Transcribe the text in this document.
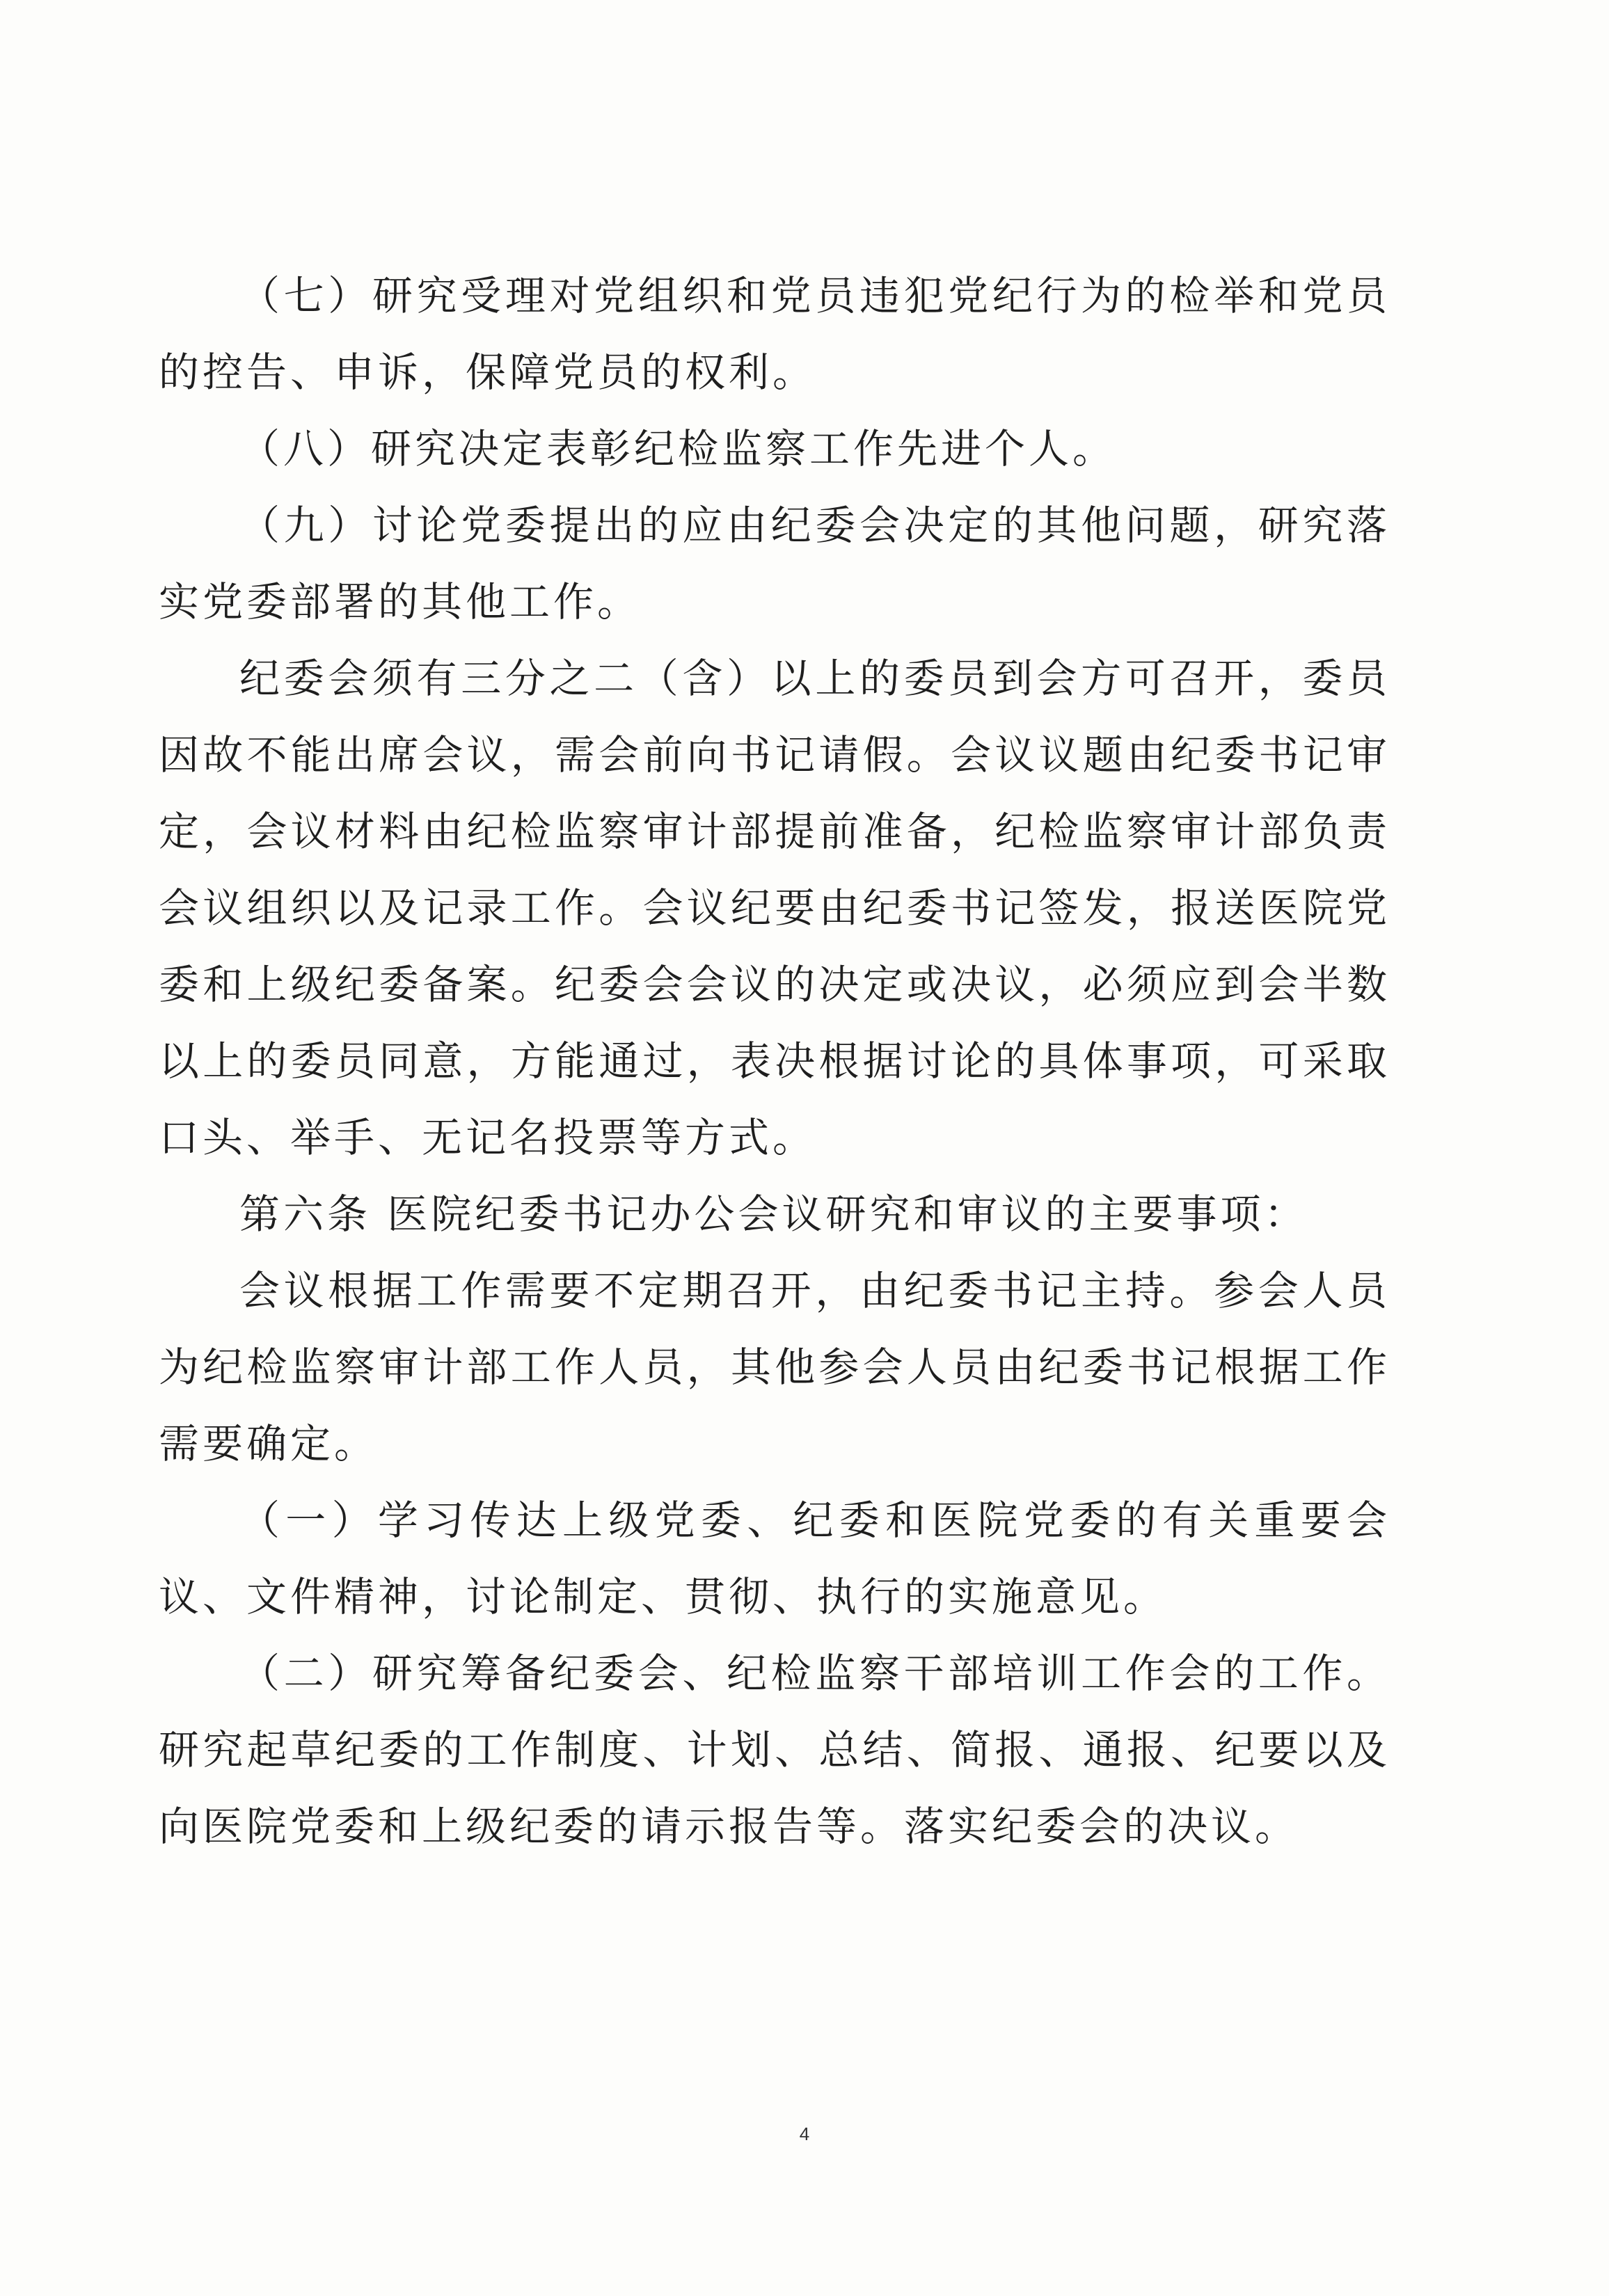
（七）研究受理对党组织和党员违犯党纪行为的检举和党员的控告、申诉，保障党员的权利。

（八）研究决定表彰纪检监察工作先进个人。

（九）讨论党委提出的应由纪委会决定的其他问题，研究落实党委部署的其他工作。

纪委会须有三分之二（含）以上的委员到会方可召开，委员因故不能出席会议，需会前向书记请假。会议议题由纪委书记审定，会议材料由纪检监察审计部提前准备，纪检监察审计部负责会议组织以及记录工作。会议纪要由纪委书记签发，报送医院党委和上级纪委备案。纪委会会议的决定或决议，必须应到会半数以上的委员同意，方能通过，表决根据讨论的具体事项，可采取口头、举手、无记名投票等方式。

第六条 医院纪委书记办公会议研究和审议的主要事项：

会议根据工作需要不定期召开，由纪委书记主持。参会人员为纪检监察审计部工作人员，其他参会人员由纪委书记根据工作需要确定。

（一）学习传达上级党委、纪委和医院党委的有关重要会议、文件精神，讨论制定、贯彻、执行的实施意见。

（二）研究筹备纪委会、纪检监察干部培训工作会的工作。研究起草纪委的工作制度、计划、总结、简报、通报、纪要以及向医院党委和上级纪委的请示报告等。落实纪委会的决议。

4
